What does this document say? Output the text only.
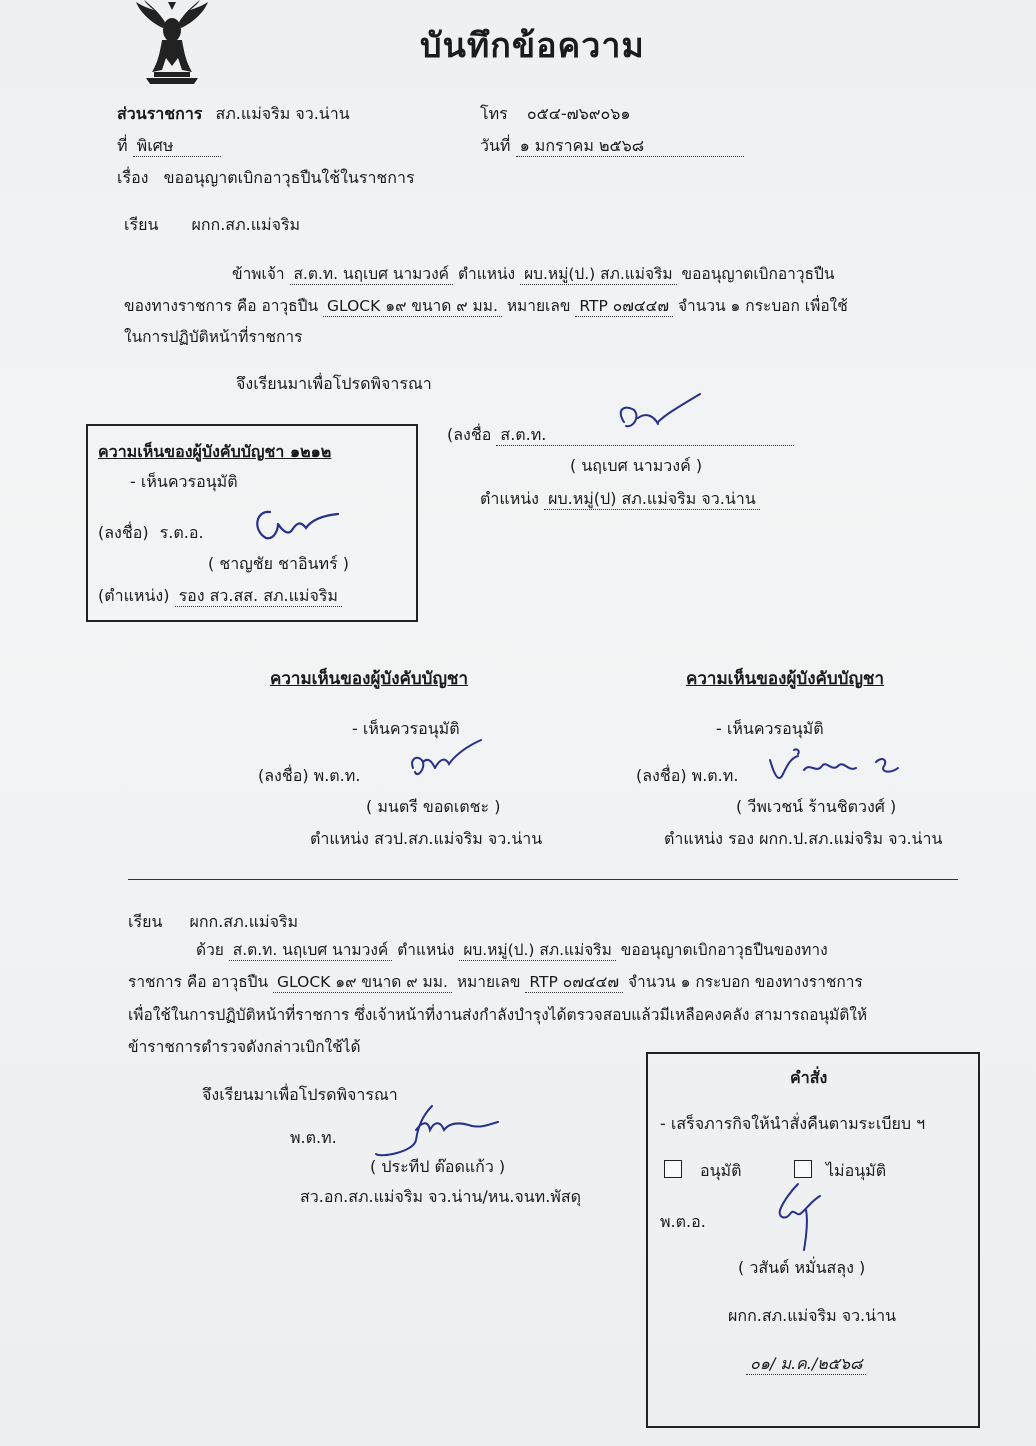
บันทึกข้อความ
ส่วนราชการ สภ.แม่จริม จว.น่าน	โทร ๐๕๔-๗๖๙๐๖๑
ที่ พิเศษ	วันที่ ๑ มกราคม ๒๕๖๘
เรื่อง ขออนุญาตเบิกอาวุธปืนใช้ในราชการ
เรียน ผกก.สภ.แม่จริม
ข้าพเจ้า ส.ต.ท. นฤเบศ นามวงค์ ตำแหน่ง ผบ.หมู่(ป.) สภ.แม่จริม ขออนุญาตเบิกอาวุธปืน
ของทางราชการ คือ อาวุธปืน GLOCK ๑๙ ขนาด ๙ มม. หมายเลข RTP ๐๗๔๔๗ จำนวน ๑ กระบอก เพื่อใช้
ในการปฏิบัติหน้าที่ราชการ
จึงเรียนมาเพื่อโปรดพิจารณา
(ลงชื่อ ส.ต.ท.
( นฤเบศ นามวงค์ )
ตำแหน่ง ผบ.หมู่(ป) สภ.แม่จริม จว.น่าน
ความเห็นของผู้บังคับบัญชา ๑๒๑๒
- เห็นควรอนุมัติ
(ลงชื่อ) ร.ต.อ.
( ชาญชัย ชาอินทร์ )
(ตำแหน่ง) รอง สว.สส. สภ.แม่จริม
ความเห็นของผู้บังคับบัญชา
- เห็นควรอนุมัติ
(ลงชื่อ) พ.ต.ท.
( มนตรี ขอดเตชะ )
ตำแหน่ง สวป.สภ.แม่จริม จว.น่าน
ความเห็นของผู้บังคับบัญชา
- เห็นควรอนุมัติ
(ลงชื่อ) พ.ต.ท.
( วีพเวชน์ ร้านชิตวงศ์ )
ตำแหน่ง รอง ผกก.ป.สภ.แม่จริม จว.น่าน
เรียน ผกก.สภ.แม่จริม
ด้วย ส.ต.ท. นฤเบศ นามวงค์ ตำแหน่ง ผบ.หมู่(ป.) สภ.แม่จริม ขออนุญาตเบิกอาวุธปืนของทาง
ราชการ คือ อาวุธปืน GLOCK ๑๙ ขนาด ๙ มม. หมายเลข RTP ๐๗๔๔๗ จำนวน ๑ กระบอก ของทางราชการ
เพื่อใช้ในการปฏิบัติหน้าที่ราชการ ซึ่งเจ้าหน้าที่งานส่งกำลังบำรุงได้ตรวจสอบแล้วมีเหลือคงคลัง สามารถอนุมัติให้
ข้าราชการตำรวจดังกล่าวเบิกใช้ได้
จึงเรียนมาเพื่อโปรดพิจารณา
พ.ต.ท.
( ประทีป ต๊อดแก้ว )
สว.อก.สภ.แม่จริม จว.น่าน/หน.จนท.พัสดุ
คำสั่ง
- เสร็จภารกิจให้นำสั่งคืนตามระเบียบ ฯ
อนุมัติ	ไม่อนุมัติ
พ.ต.อ.
( วสันต์ หมั่นสลุง )
ผกก.สภ.แม่จริม จว.น่าน
๐๑/ ม.ค./๒๕๖๘
